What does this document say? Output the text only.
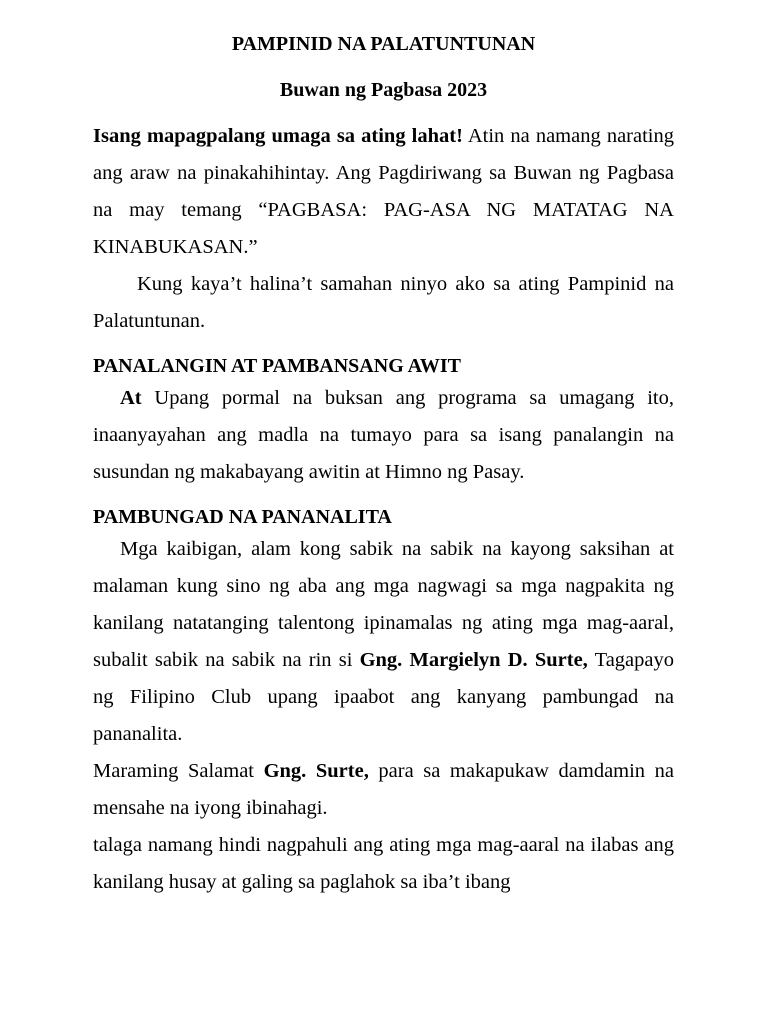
PAMPINID NA PALATUNTUNAN
Buwan ng Pagbasa 2023

Isang mapagpalang umaga sa ating lahat! Atin na namang narating ang araw na pinakahihintay. Ang Pagdiriwang sa Buwan ng Pagbasa na may temang “PAGBASA: PAG-ASA NG MATATAG NA KINABUKASAN.”

Kung kaya’t halina’t samahan ninyo ako sa ating Pampinid na Palatuntunan.

PANALANGIN AT PAMBANSANG AWIT

At Upang pormal na buksan ang programa sa umagang ito, inaanyayahan ang madla na tumayo para sa isang panalangin na susundan ng makabayang awitin at Himno ng Pasay.

PAMBUNGAD NA PANANALITA

Mga kaibigan, alam kong sabik na sabik na kayong saksihan at malaman kung sino ng aba ang mga nagwagi sa mga nagpakita ng kanilang natatanging talentong ipinamalas ng ating mga mag-aaral, subalit sabik na sabik na rin si Gng. Margielyn D. Surte, Tagapayo ng Filipino Club upang ipaabot ang kanyang pambungad na pananalita.

Maraming Salamat Gng. Surte, para sa makapukaw damdamin na mensahe na iyong ibinahagi.

talaga namang hindi nagpahuli ang ating mga mag-aaral na ilabas ang kanilang husay at galing sa paglahok sa iba’t ibang
